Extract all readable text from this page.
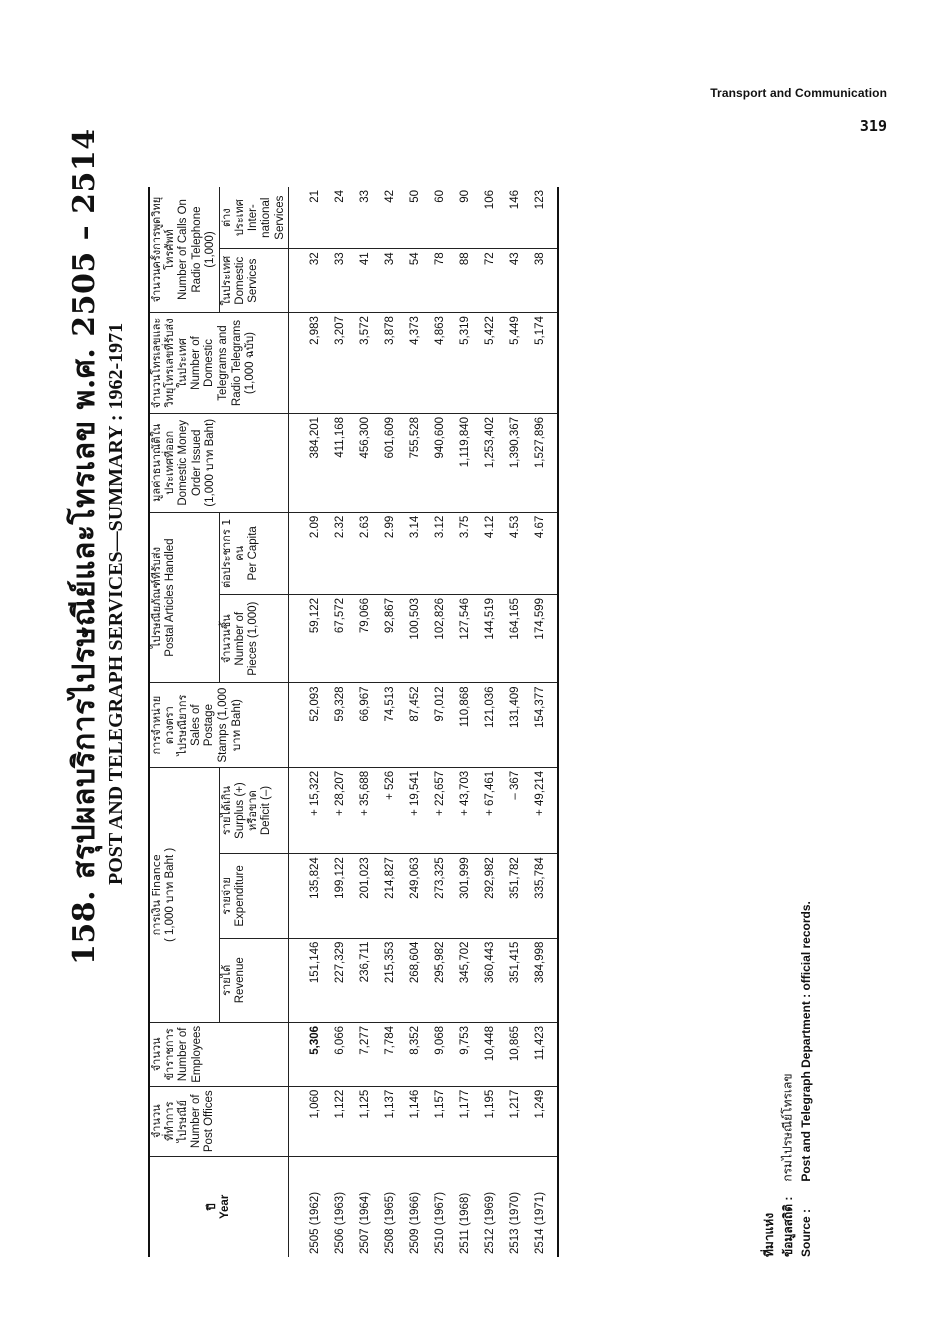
Transport and Communication
319
158. สรุปผลบริการไปรษณีย์และโทรเลข พ.ศ. 2505 – 2514 POST AND TELEGRAPH SERVICES—SUMMARY : 1962-1971
ปี Year	จำนวนที่ทำการไปรษณีย์ Number of Post Offices	จำนวนข้าราชการ Number of Employees	การเงิน Finance ( 1,000 บาท Baht )			การจำหน่ายดวงตราไปรษณียากร Sales of Postage Stamps (1,000 บาท Baht)	ไปรษณียภัณฑ์ที่รับส่ง Postal Articles Handled		มูลค่าธนาณัติในประเทศที่ออก Domestic Money Order Issued (1,000 บาท Baht)	จำนวนโทรเลขและวิทยุโทรเลขที่รับส่งในประเทศ Number of Domestic Telegrams and Radio Telegrams (1,000 ฉบับ)	จำนวนครั้งการพูดวิทยุโทรศัพท์ Number of Calls On Radio Telephone (1,000)	

			รายได้ Revenue	รายจ่าย Expenditure	รายได้เกิน Surplus (+) หรือขาด Deficit (–)		จำนวนชิ้น Number of Pieces (1,000)	ต่อประชากร 1 คน Per Capita			ในประเทศ Domestic Services	ต่างประเทศ Inter- national Services
2505 (1962)	1,060	5,306	151,146	135,824	+ 15,322	52,093	59,122	2.09	384,201	2,983	32	21
2506 (1963)	1,122	6,066	227,329	199,122	+ 28,207	59,328	67,572	2.32	411,168	3,207	33	24
2507 (1964)	1,125	7,277	236,711	201,023	+ 35,688	66,967	79,066	2.63	456,300	3,572	41	33
2508 (1965)	1,137	7,784	215,353	214,827	+ 526	74,513	92,867	2.99	601,609	3,878	34	42
2509 (1966)	1,146	8,352	268,604	249,063	+ 19,541	87,452	100,503	3.14	755,528	4,373	54	50
2510 (1967)	1,157	9,068	295,982	273,325	+ 22,657	97,012	102,826	3.12	940,600	4,863	78	60
2511 (1968)	1,177	9,753	345,702	301,999	+ 43,703	110,868	127,546	3.75	1,119,840	5,319	88	90
2512 (1969)	1,195	10,448	360,443	292,982	+ 67,461	121,036	144,519	4.12	1,253,402	5,422	72	106
2513 (1970)	1,217	10,865	351,415	351,782	– 367	131,409	164,165	4.53	1,390,367	5,449	43	146
2514 (1971)	1,249	11,423	384,998	335,784	+ 49,214	154,377	174,599	4.67	1,527,896	5,174	38	123
ที่มาแห่งข้อมูลสถิติ : กรมไปรษณีย์โทรเลข
Source : Post and Telegraph Department : official records.
